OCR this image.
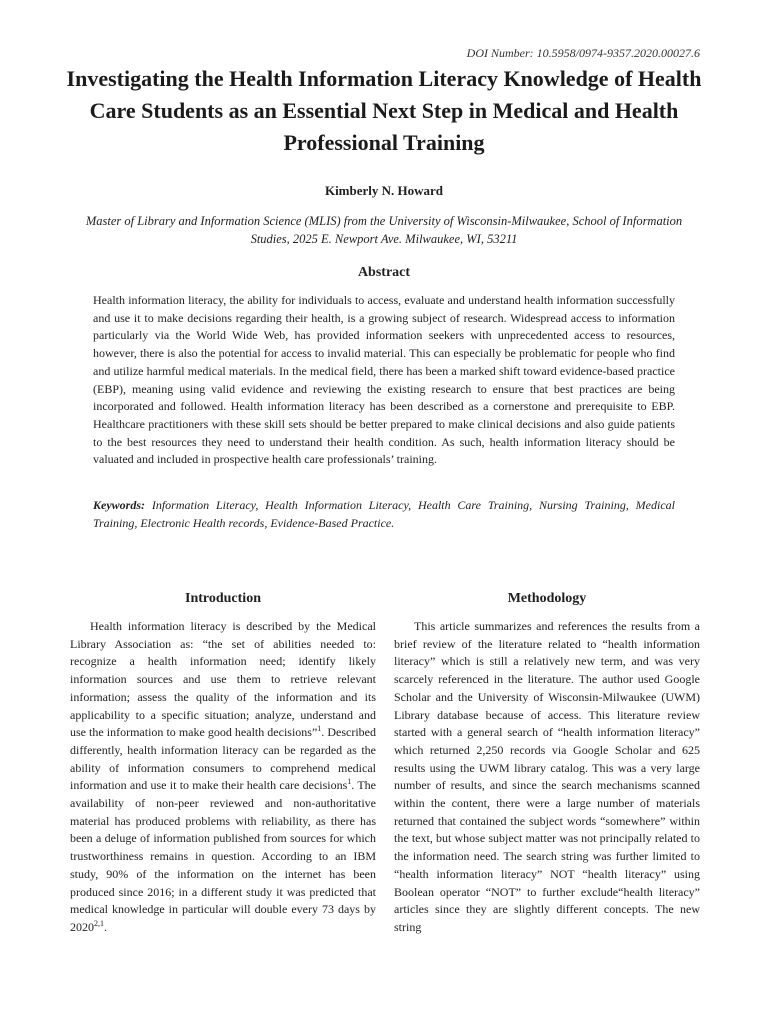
DOI Number: 10.5958/0974-9357.2020.00027.6
Investigating the Health Information Literacy Knowledge of Health Care Students as an Essential Next Step in Medical and Health Professional Training
Kimberly N. Howard
Master of Library and Information Science (MLIS) from the University of Wisconsin-Milwaukee, School of Information Studies, 2025 E. Newport Ave. Milwaukee, WI, 53211
Abstract

Health information literacy, the ability for individuals to access, evaluate and understand health information successfully and use it to make decisions regarding their health, is a growing subject of research. Widespread access to information particularly via the World Wide Web, has provided information seekers with unprecedented access to resources, however, there is also the potential for access to invalid material. This can especially be problematic for people who find and utilize harmful medical materials. In the medical field, there has been a marked shift toward evidence-based practice (EBP), meaning using valid evidence and reviewing the existing research to ensure that best practices are being incorporated and followed. Health information literacy has been described as a cornerstone and prerequisite to EBP. Healthcare practitioners with these skill sets should be better prepared to make clinical decisions and also guide patients to the best resources they need to understand their health condition. As such, health information literacy should be valuated and included in prospective health care professionals’ training.

Keywords: Information Literacy, Health Information Literacy, Health Care Training, Nursing Training, Medical Training, Electronic Health records, Evidence-Based Practice.

Introduction

Health information literacy is described by the Medical Library Association as: “the set of abilities needed to: recognize a health information need; identify likely information sources and use them to retrieve relevant information; assess the quality of the information and its applicability to a specific situation; analyze, understand and use the information to make good health decisions”$^1$. Described differently, health information literacy can be regarded as the ability of information consumers to comprehend medical information and use it to make their health care decisions$^1$. The availability of non-peer reviewed and non-authoritative material has produced problems with reliability, as there has been a deluge of information published from sources for which trustworthiness remains in question. According to an IBM study, 90% of the information on the internet has been produced since 2016; in a different study it was predicted that medical knowledge in particular will double every 73 days by 2020$^{2,1}$.

Methodology

This article summarizes and references the results from a brief review of the literature related to “health information literacy” which is still a relatively new term, and was very scarcely referenced in the literature. The author used Google Scholar and the University of Wisconsin-Milwaukee (UWM) Library database because of access. This literature review started with a general search of “health information literacy” which returned 2,250 records via Google Scholar and 625 results using the UWM library catalog. This was a very large number of results, and since the search mechanisms scanned within the content, there were a large number of materials returned that contained the subject words “somewhere” within the text, but whose subject matter was not principally related to the information need. The search string was further limited to “health information literacy” NOT “health literacy” using Boolean operator “NOT” to further exclude“health literacy” articles since they are slightly different concepts. The new string
